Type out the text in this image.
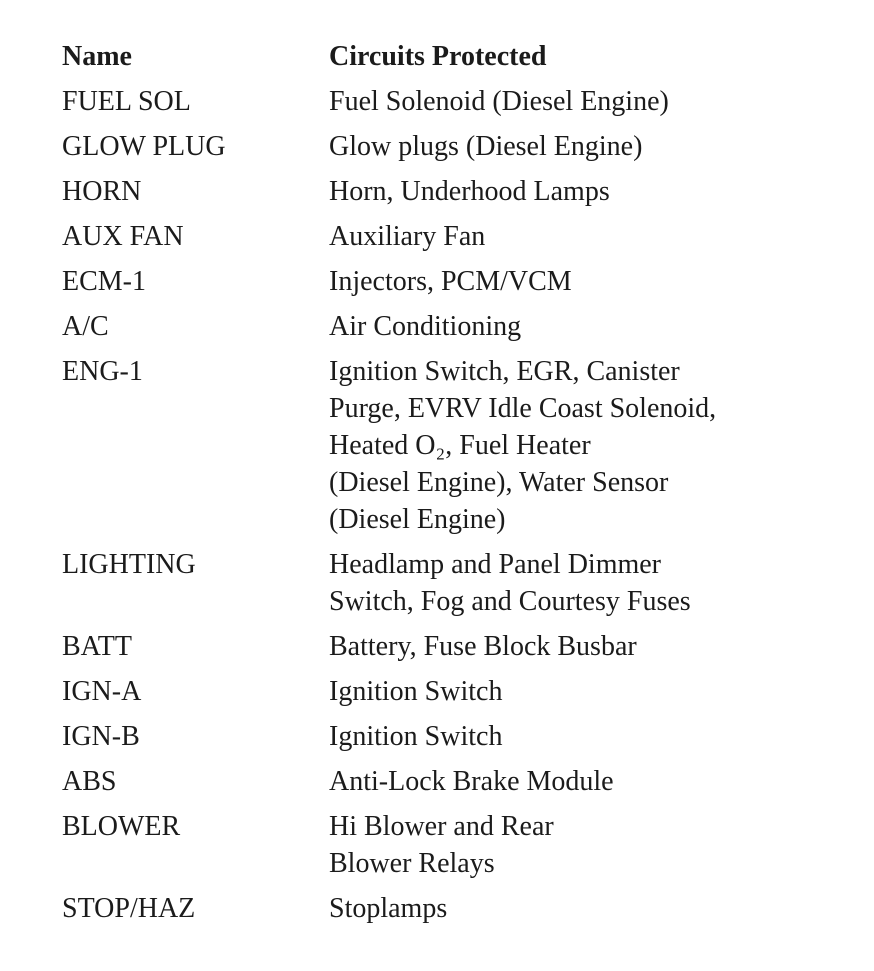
Name	Circuits Protected
FUEL SOL	Fuel Solenoid (Diesel Engine)

GLOW PLUG	Glow plugs (Diesel Engine)

HORN	Horn, Underhood Lamps

AUX FAN	Auxiliary Fan

ECM-1	Injectors, PCM/VCM

A/C	Air Conditioning

ENG-1	Ignition Switch, EGR, Canister
Purge, EVRV Idle Coast Solenoid,
Heated O₂, Fuel Heater
(Diesel Engine), Water Sensor
(Diesel Engine)

LIGHTING	Headlamp and Panel Dimmer
Switch, Fog and Courtesy Fuses

BATT	Battery, Fuse Block Busbar

IGN-A	Ignition Switch

IGN-B	Ignition Switch

ABS	Anti-Lock Brake Module

BLOWER	Hi Blower and Rear
Blower Relays

STOP/HAZ	Stoplamps
